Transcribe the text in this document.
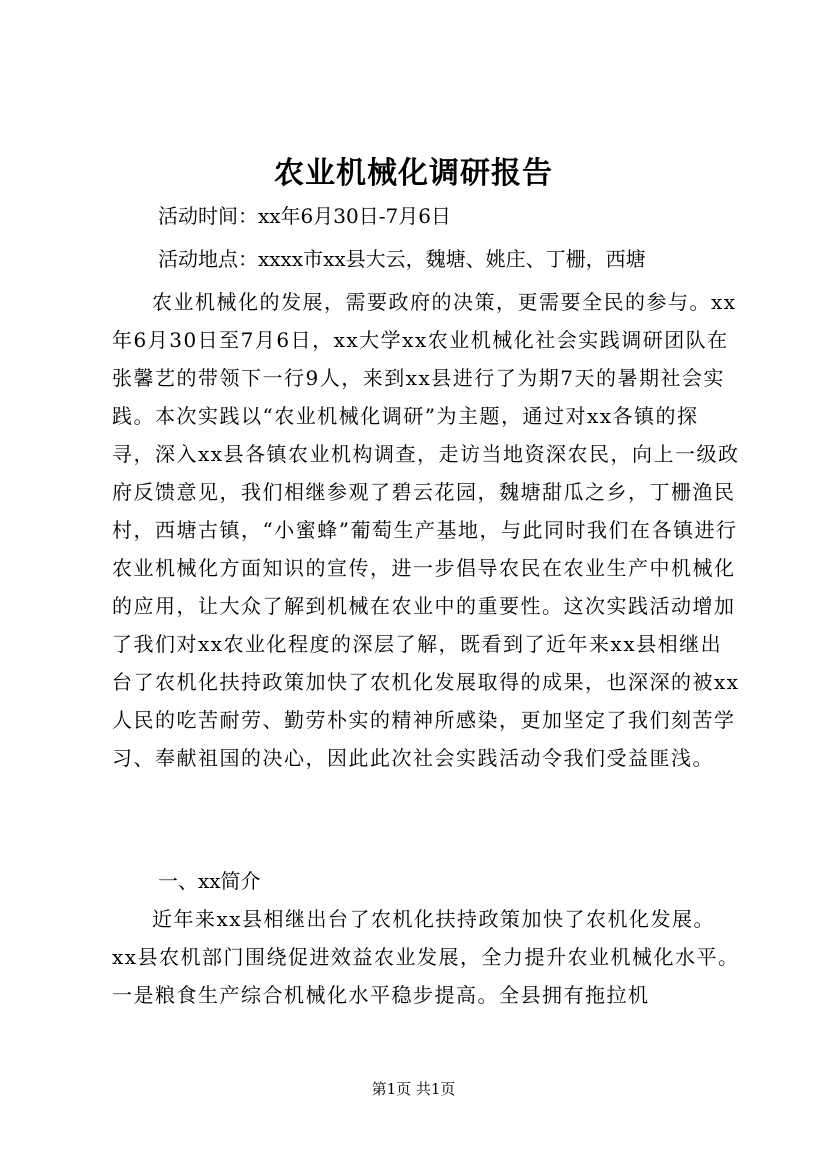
农业机械化调研报告

活动时间：xx年6月30日-7月6日

活动地点：xxxx市xx县大云，魏塘、姚庄、丁栅，西塘

农业机械化的发展，需要政府的决策，更需要全民的参与。xx年6月30日至7月6日，xx大学xx农业机械化社会实践调研团队在张馨艺的带领下一行9人，来到xx县进行了为期7天的暑期社会实践。本次实践以“农业机械化调研”为主题，通过对xx各镇的探寻，深入xx县各镇农业机构调查，走访当地资深农民，向上一级政府反馈意见，我们相继参观了碧云花园，魏塘甜瓜之乡，丁栅渔民村，西塘古镇，“小蜜蜂”葡萄生产基地，与此同时我们在各镇进行农业机械化方面知识的宣传，进一步倡导农民在农业生产中机械化的应用，让大众了解到机械在农业中的重要性。这次实践活动增加了我们对xx农业化程度的深层了解，既看到了近年来xx县相继出台了农机化扶持政策加快了农机化发展取得的成果，也深深的被xx人民的吃苦耐劳、勤劳朴实的精神所感染，更加坚定了我们刻苦学习、奉献祖国的决心，因此此次社会实践活动令我们受益匪浅。

一、xx简介

近年来xx县相继出台了农机化扶持政策加快了农机化发展。xx县农机部门围绕促进效益农业发展，全力提升农业机械化水平。一是粮食生产综合机械化水平稳步提高。全县拥有拖拉机

第1页 共1页
